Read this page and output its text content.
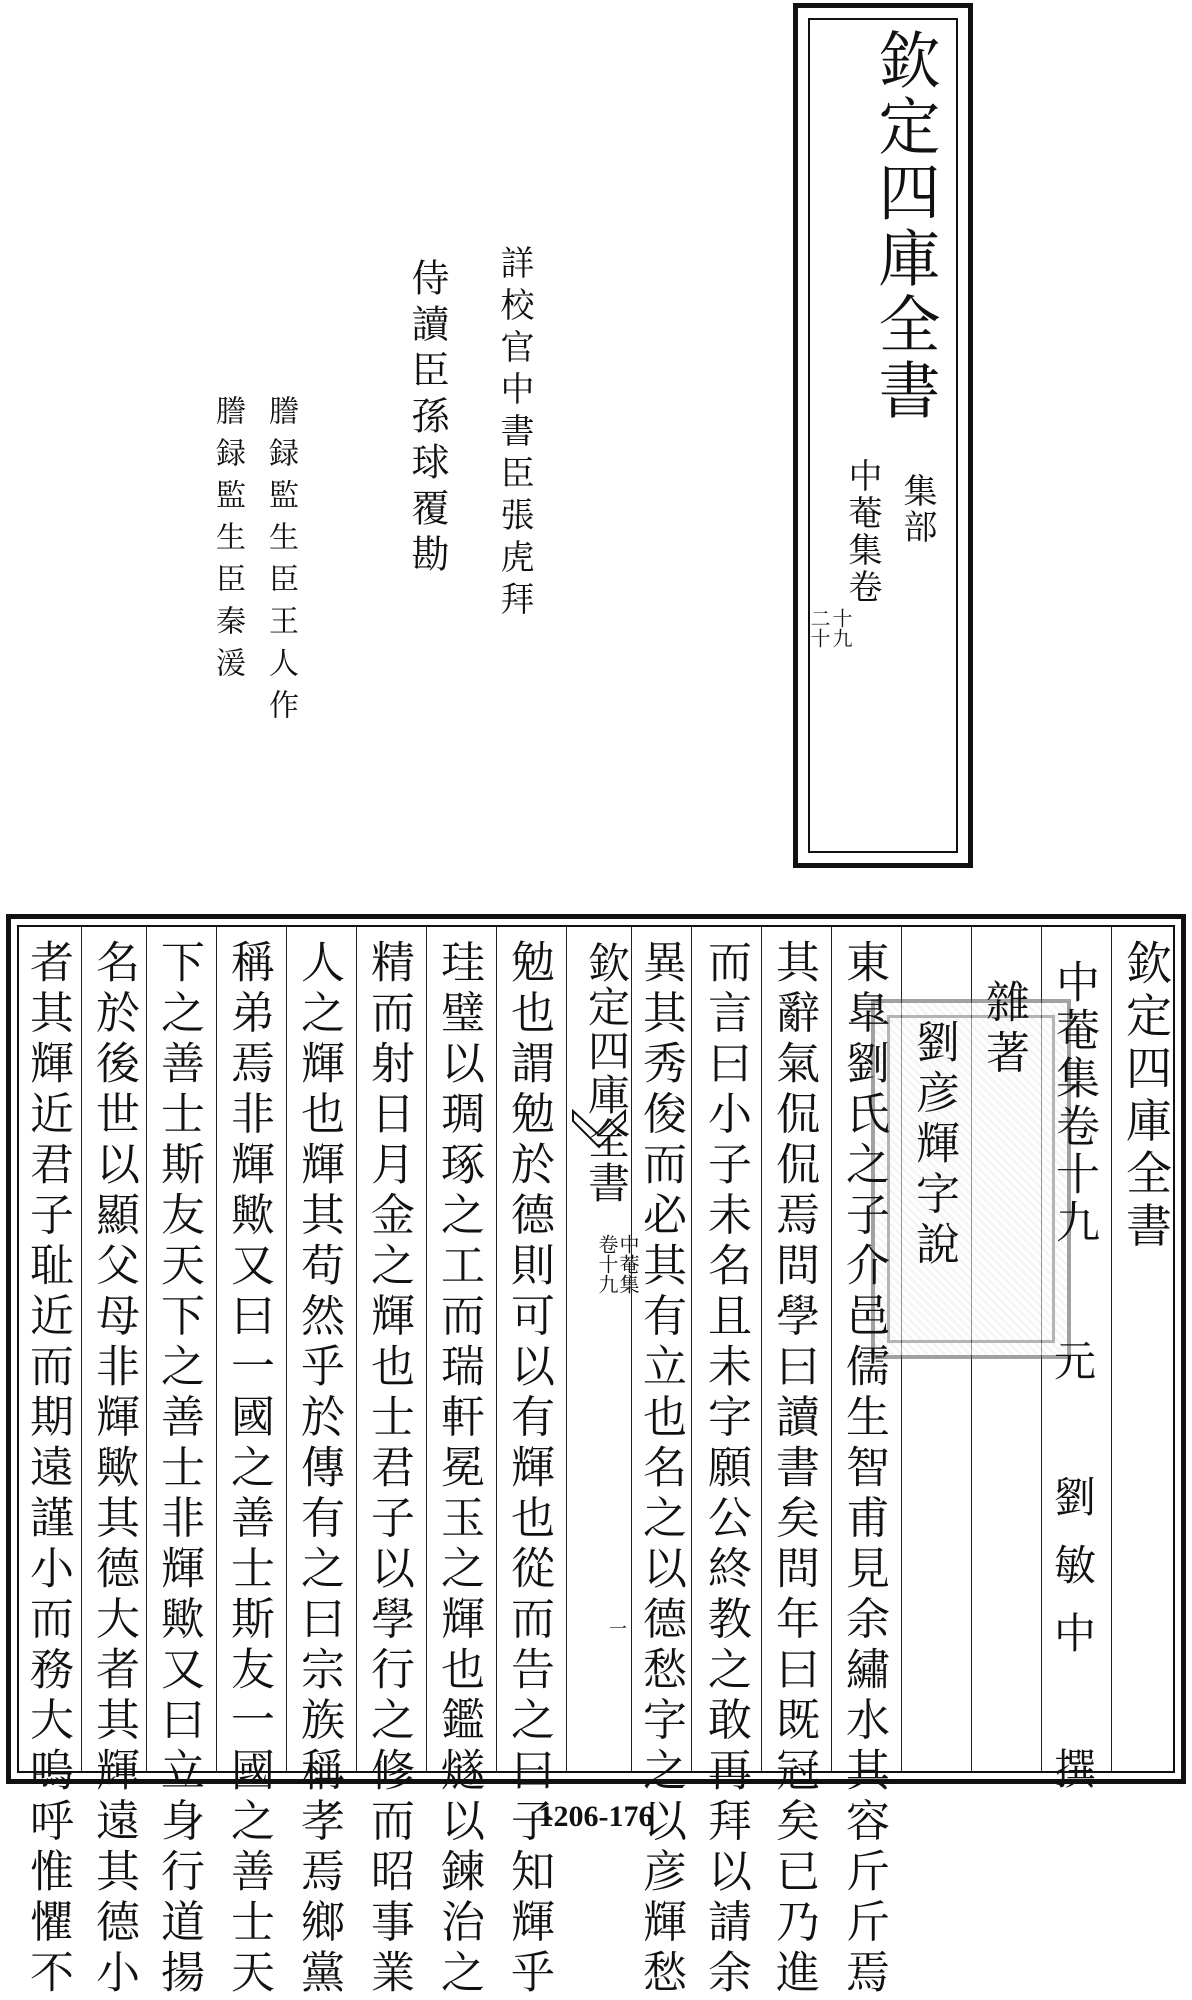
欽定四庫全書
集部
中菴集卷
十九 二十
詳校官中書臣張虎拜
侍讀臣孫球覆勘
謄録監生臣王人作
謄録監生臣秦湲
欽定四庫全書
中菴集卷十九
元　劉敏中　撰
雜著
劉彦輝字說
東臯劉氏之子介邑儒生智甫見余繡水其容斤斤焉
其辭氣侃侃焉問學曰讀書矣問年曰既冠矣已乃進
而言曰小子未名且未字願公終教之敢再拜以請余
異其秀俊而必其有立也名之以德愁字之以彦輝愁
欽定四庫全書
中菴集 卷十九
一
勉也謂勉於德則可以有輝也從而告之曰子知輝乎
珪璧以琱琢之工而瑞軒冕玉之輝也鑑燧以鍊治之
精而射日月金之輝也士君子以學行之修而昭事業
人之輝也輝其苟然乎於傳有之曰宗族稱孝焉鄉黨
稱弟焉非輝歟又曰一國之善士斯友一國之善士天
下之善士斯友天下之善士非輝歟又曰立身行道揚
名於後世以顯父母非輝歟其德大者其輝遠其德小
者其輝近君子耻近而期遠謹小而務大嗚呼惟懼不	1206-176
